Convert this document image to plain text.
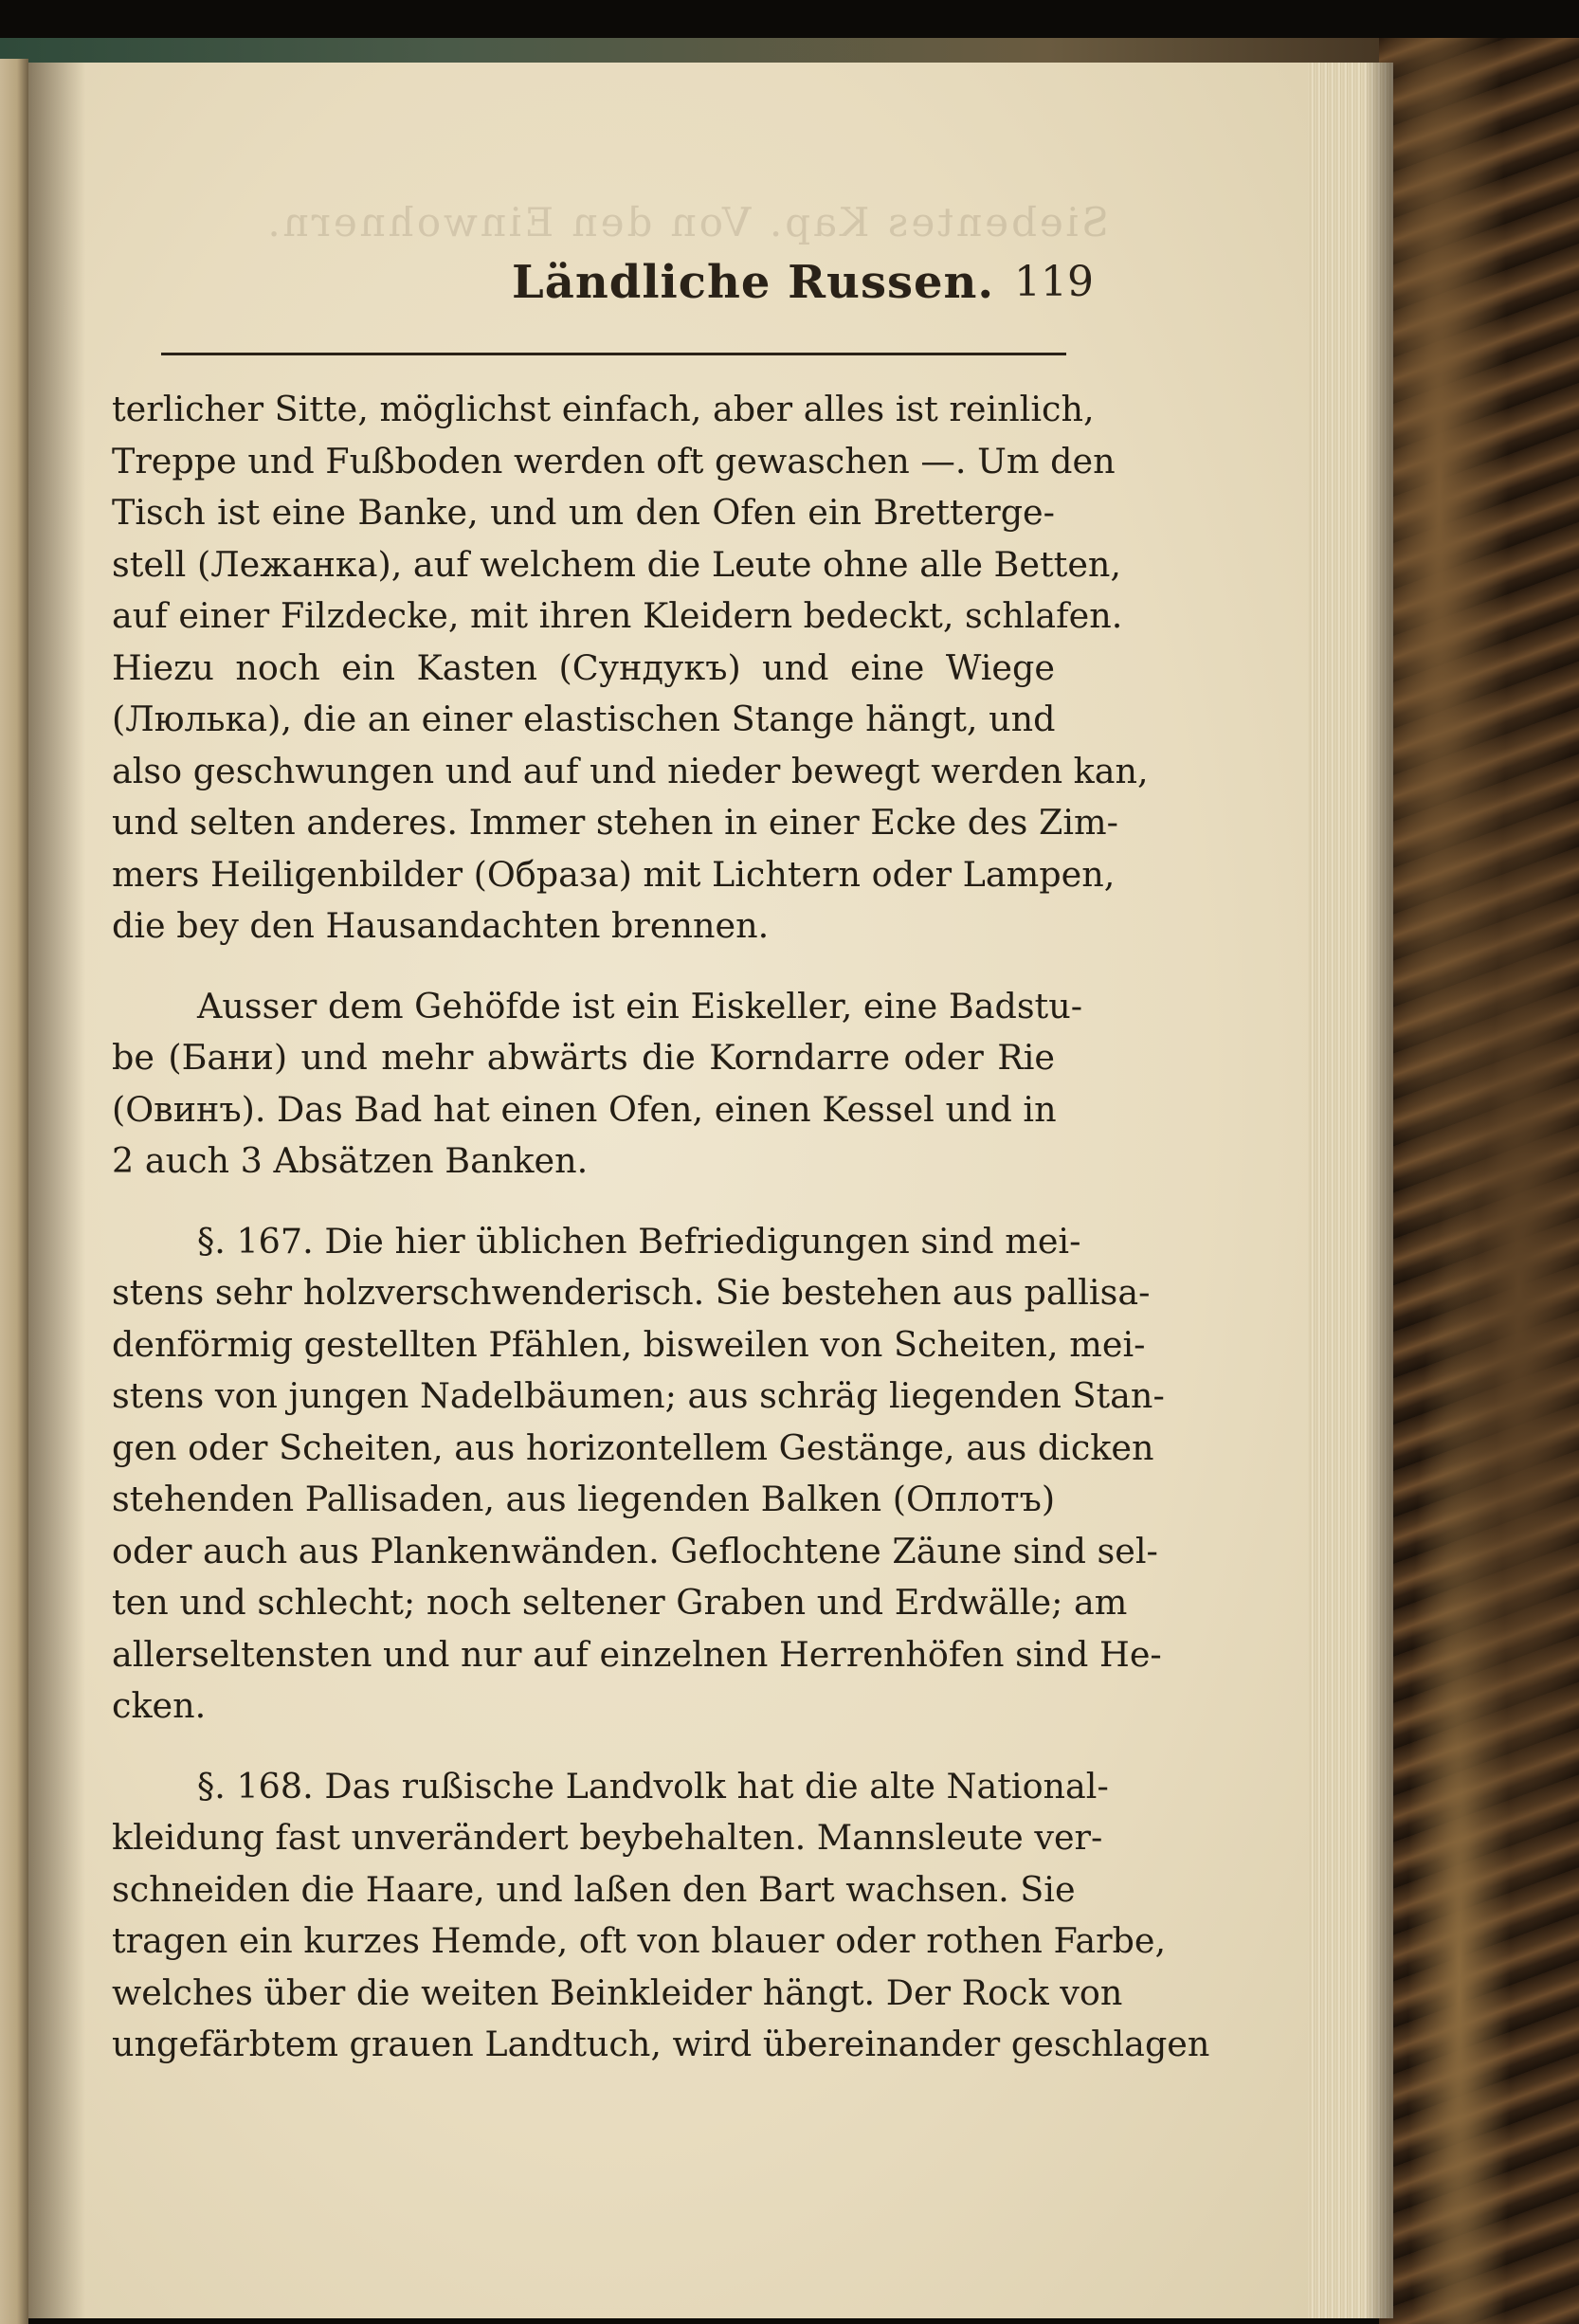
Siebentes Kap. Von den Einwohnern.
Ländliche Russen. 119
terlicher Sitte, möglichst einfach, aber alles ist reinlich,
Treppe und Fußboden werden oft gewaschen —. Um den
Tisch ist eine Banke, und um den Ofen ein Bretterge-
stell (Лежанка), auf welchem die Leute ohne alle Betten,
auf einer Filzdecke, mit ihren Kleidern bedeckt, schlafen.
Hiezu noch ein Kasten (Сундукъ) und eine Wiege
(Люлька), die an einer elastischen Stange hängt, und
also geschwungen und auf und nieder bewegt werden kan,
und selten anderes. Immer stehen in einer Ecke des Zim-
mers Heiligenbilder (Образа) mit Lichtern oder Lampen,
die bey den Hausandachten brennen.
Ausser dem Gehöfde ist ein Eiskeller, eine Badstu-
be (Бани) und mehr abwärts die Korndarre oder Rie
(Овинъ). Das Bad hat einen Ofen, einen Kessel und in
2 auch 3 Absätzen Banken.
§. 167. Die hier üblichen Befriedigungen sind mei-
stens sehr holzverschwenderisch. Sie bestehen aus pallisa-
denförmig gestellten Pfählen, bisweilen von Scheiten, mei-
stens von jungen Nadelbäumen; aus schräg liegenden Stan-
gen oder Scheiten, aus horizontellem Gestänge, aus dicken
stehenden Pallisaden, aus liegenden Balken (Оплотъ)
oder auch aus Plankenwänden. Geflochtene Zäune sind sel-
ten und schlecht; noch seltener Graben und Erdwälle; am
allerseltensten und nur auf einzelnen Herrenhöfen sind He-
cken.
§. 168. Das rußische Landvolk hat die alte National-
kleidung fast unverändert beybehalten. Mannsleute ver-
schneiden die Haare, und laßen den Bart wachsen. Sie
tragen ein kurzes Hemde, oft von blauer oder rothen Farbe,
welches über die weiten Beinkleider hängt. Der Rock von
ungefärbtem grauen Landtuch, wird übereinander geschlagen
